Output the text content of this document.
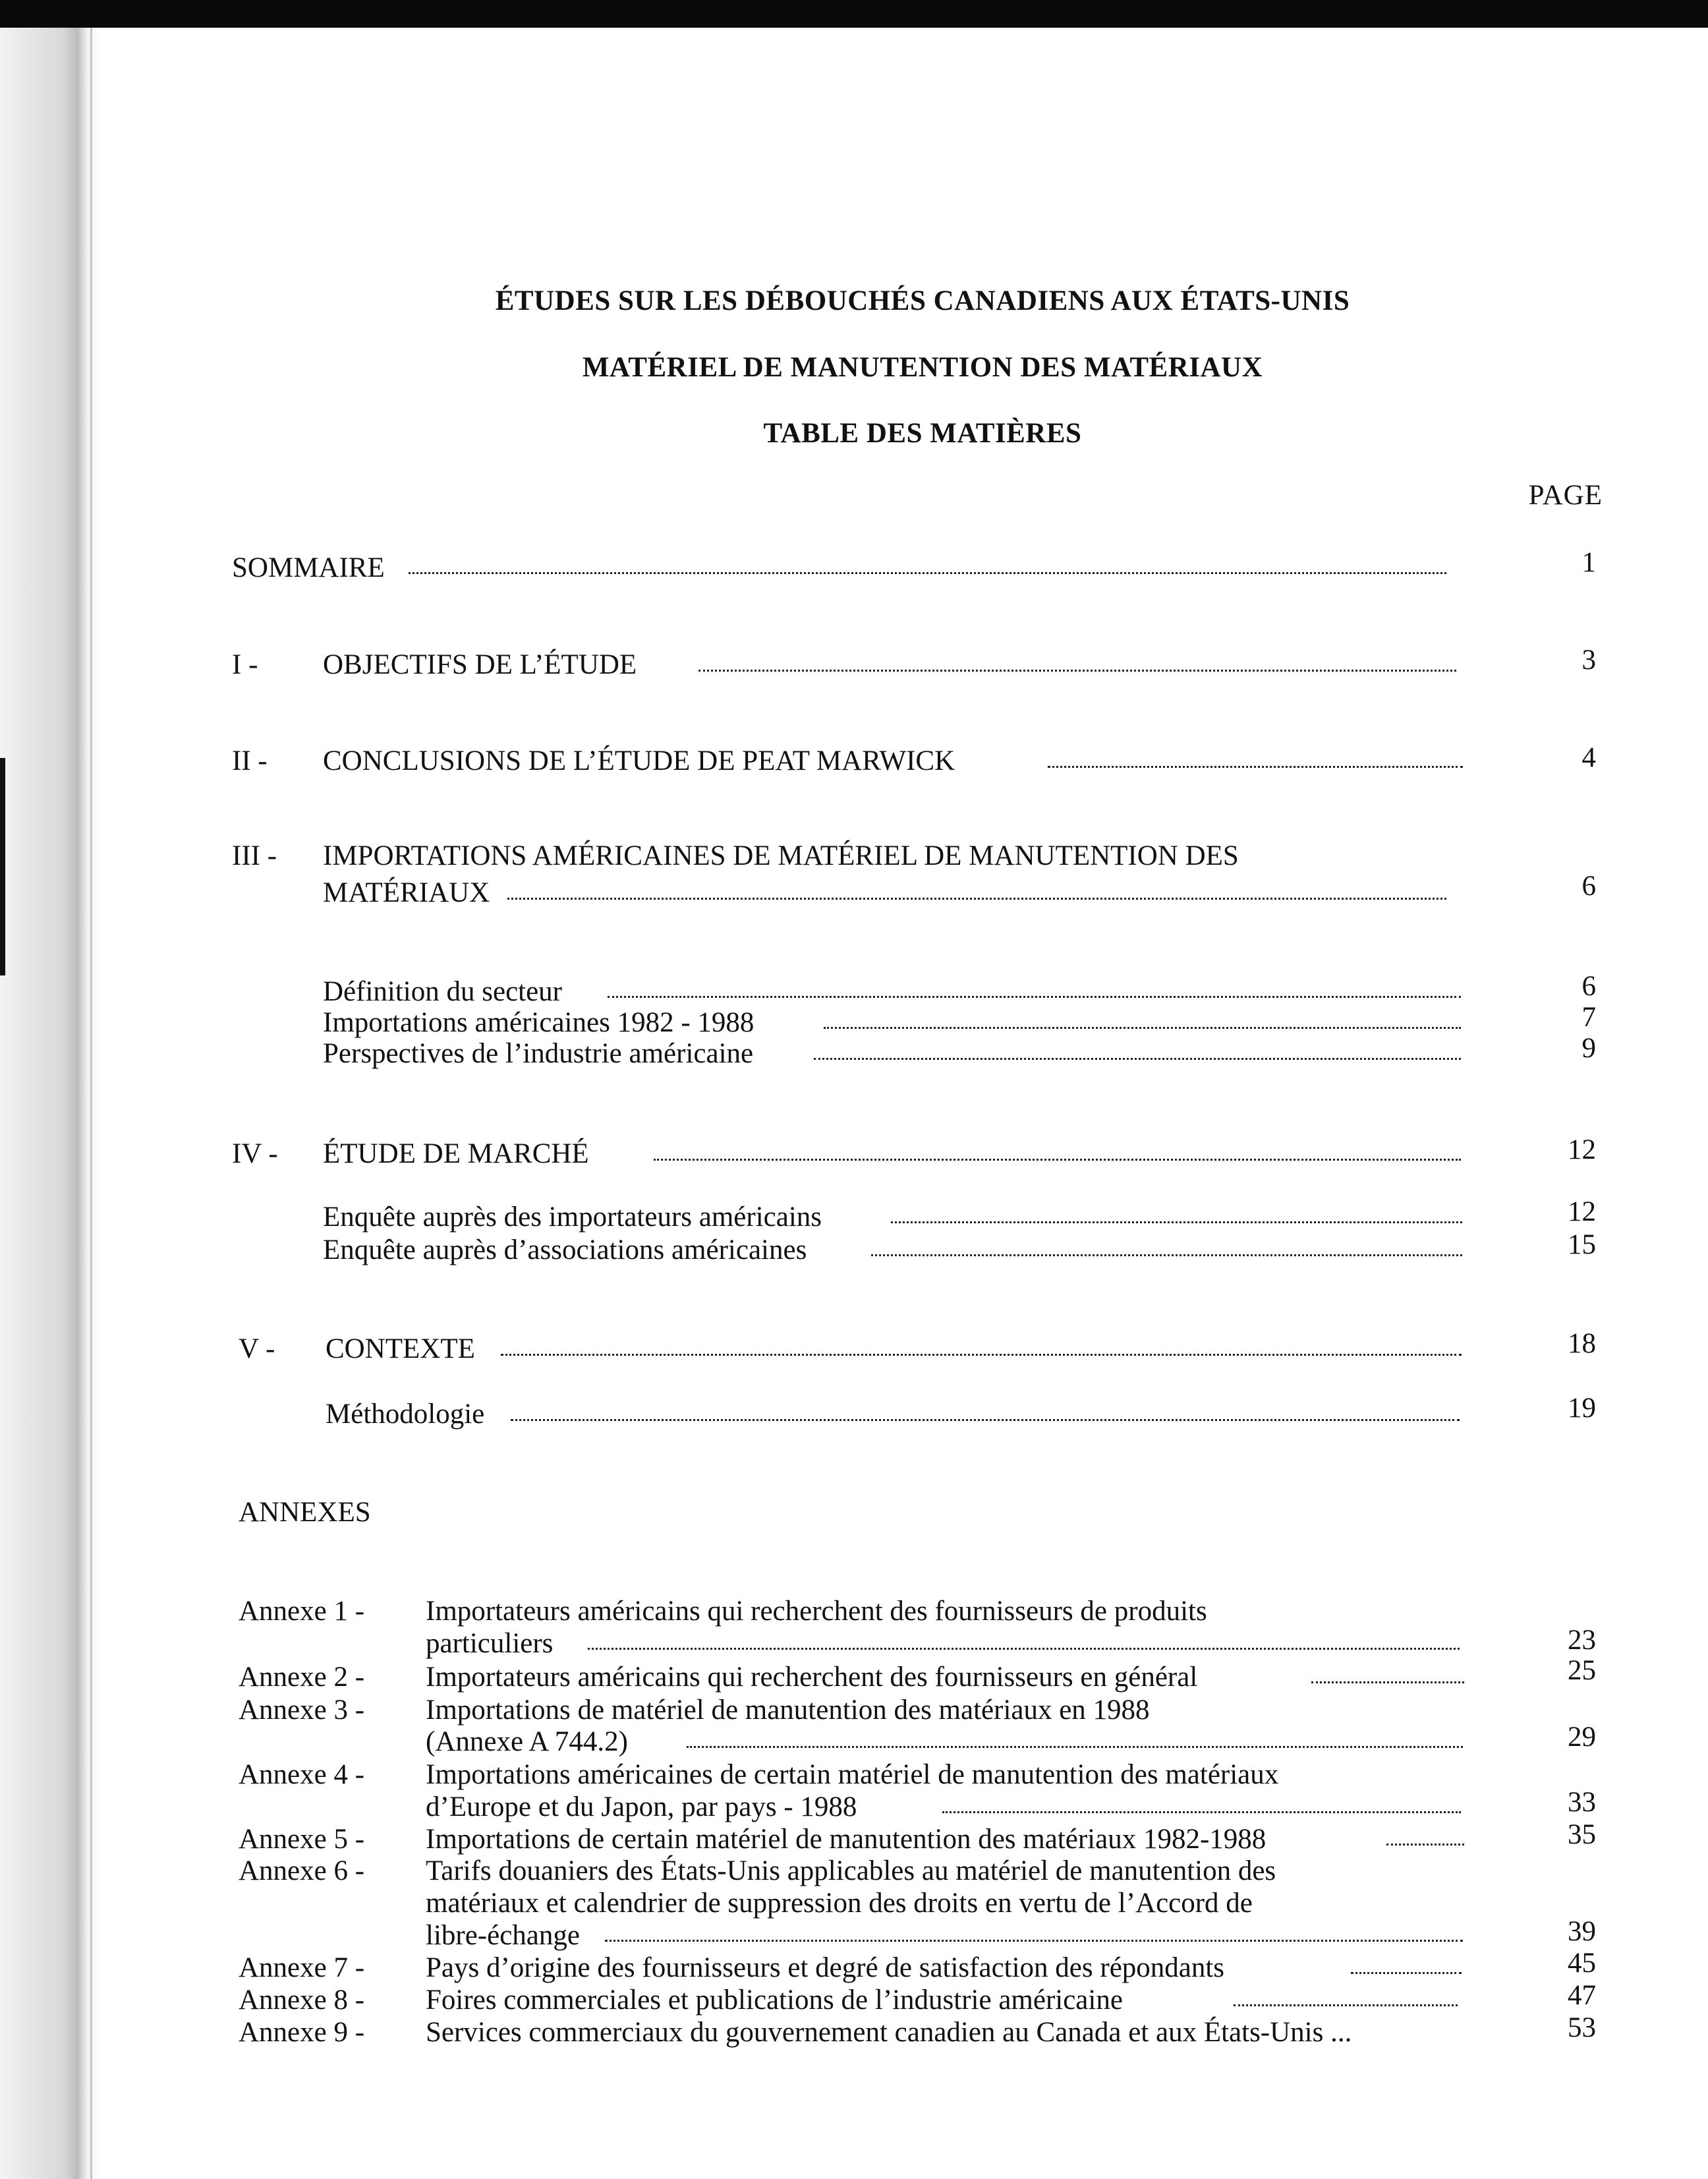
ÉTUDES SUR LES DÉBOUCHÉS CANADIENS AUX ÉTATS-UNIS
MATÉRIEL DE MANUTENTION DES MATÉRIAUX
TABLE DES MATIÈRES
PAGE
SOMMAIRE	1
I - OBJECTIFS DE L’ÉTUDE	3
II - CONCLUSIONS DE L’ÉTUDE DE PEAT MARWICK	4
III - IMPORTATIONS AMÉRICAINES DE MATÉRIEL DE MANUTENTION DES
MATÉRIAUX	6
Définition du secteur	6
Importations américaines 1982 - 1988	7
Perspectives de l’industrie américaine	9
IV - ÉTUDE DE MARCHÉ	12
Enquête auprès des importateurs américains	12
Enquête auprès d’associations américaines	15
V - CONTEXTE	18
Méthodologie	19
ANNEXES
Annexe 1 - Importateurs américains qui recherchent des fournisseurs de produits
particuliers	23
Annexe 2 - Importateurs américains qui recherchent des fournisseurs en général	25
Annexe 3 - Importations de matériel de manutention des matériaux en 1988
(Annexe A 744.2)	29
Annexe 4 - Importations américaines de certain matériel de manutention des matériaux
d’Europe et du Japon, par pays - 1988	33
Annexe 5 - Importations de certain matériel de manutention des matériaux 1982-1988	35
Annexe 6 - Tarifs douaniers des États-Unis applicables au matériel de manutention des
matériaux et calendrier de suppression des droits en vertu de l’Accord de
libre-échange	39
Annexe 7 - Pays d’origine des fournisseurs et degré de satisfaction des répondants	45
Annexe 8 - Foires commerciales et publications de l’industrie américaine	47
Annexe 9 - Services commerciaux du gouvernement canadien au Canada et aux États-Unis ...	53
